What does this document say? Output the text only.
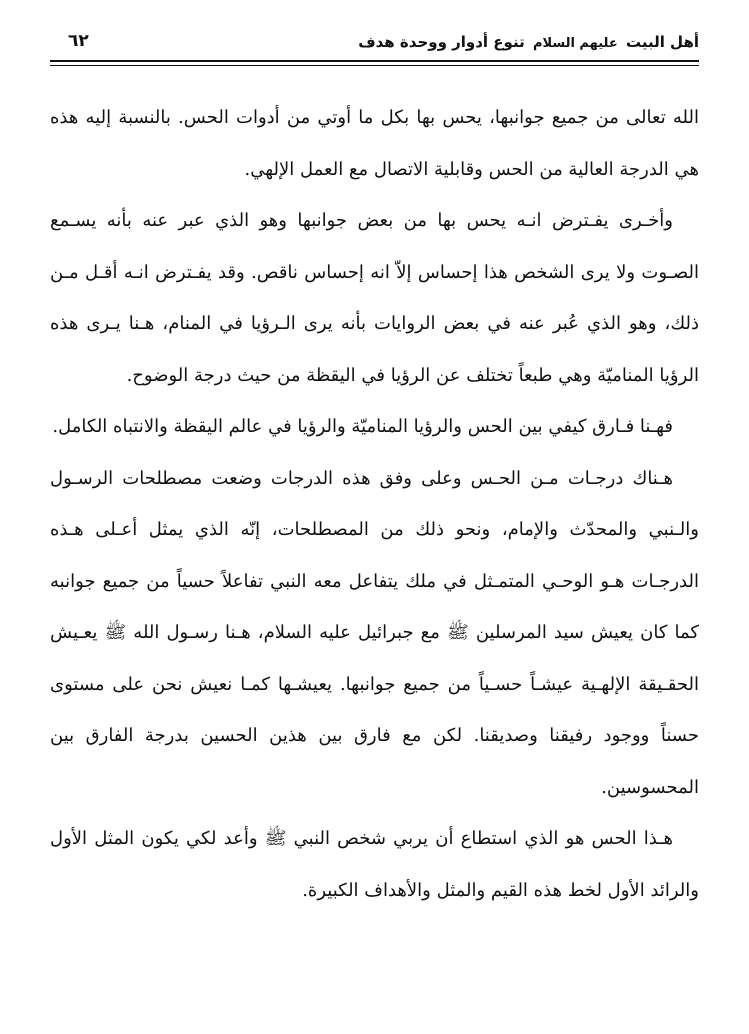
أهل البيت عليهم السلام تنوع أدوار ووحدة هدف
٦٢

الله تعالى من جميع جوانبها، يحس بها بكل ما أوتي من أدوات الحس. بالنسبة إليه هذه هي الدرجة العالية من الحس وقابلية الاتصال مع العمل الإلهي.

وأخـرى يفـترض انـه يحس بها من بعض جوانبها وهو الذي عبر عنه بأنه يسـمع الصـوت ولا يرى الشخص هذا إحساس إلاّ انه إحساس ناقص. وقد يفـترض انـه أقـل مـن ذلك، وهو الذي عُبر عنه في بعض الروايات بأنه يرى الـرؤيا في المنام، هـنا يـرى هذه الرؤيا المناميّة وهي طبعاً تختلف عن الرؤيا في اليقظة من حيث درجة الوضوح.

فهـنا فـارق كيفي بين الحس والرؤيا المناميّة والرؤيا في عالم اليقظة والانتباه الكامل.

هـناك درجـات مـن الحـس وعلى وفق هذه الدرجات وضعت مصطلحات الرسـول والـنبي والمحدّث والإمام، ونحو ذلك من المصطلحات، إنّه الذي يمثل أعـلى هـذه الدرجـات هـو الوحـي المتمـثل في ملك يتفاعل معه النبي تفاعلاً حسياً من جميع جوانبه كما كان يعيش سيد المرسلين ﷺ مع جبرائيل عليه السلام، هـنا رسـول الله ﷺ يعـيش الحقـيقة الإلهـية عيشـاً حسـياً من جميع جوانبها. يعيشـها كمـا نعيش نحن على مستوى حسناً ووجود رفيقنا وصديقنا. لكن مع فارق بين هذين الحسين بدرجة الفارق بين المحسوسين.

هـذا الحس هو الذي استطاع أن يربي شخص النبي ﷺ وأعد لكي يكون المثل الأول والرائد الأول لخط هذه القيم والمثل والأهداف الكبيرة.
